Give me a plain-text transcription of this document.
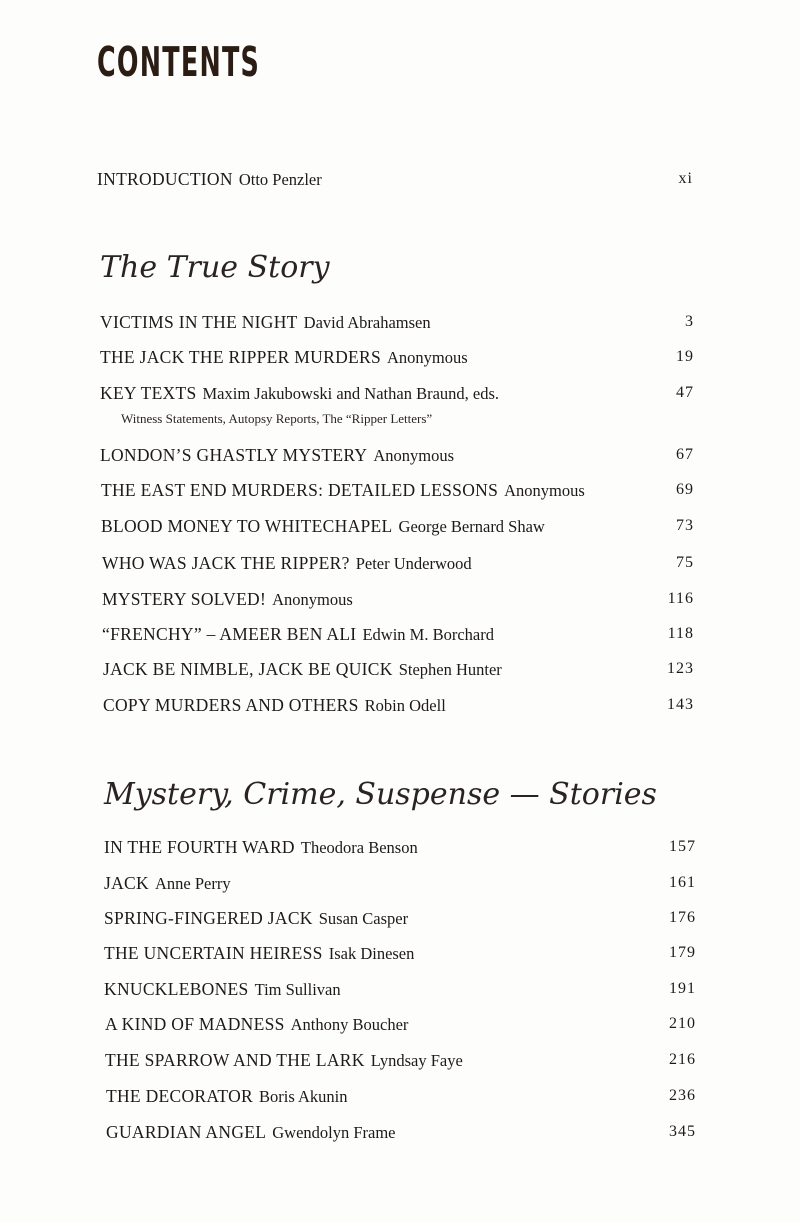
CONTENTS
INTRODUCTION Otto Penzler	xi
The True Story
VICTIMS IN THE NIGHT David Abrahamsen	3
THE JACK THE RIPPER MURDERS Anonymous	19
KEY TEXTS Maxim Jakubowski and Nathan Braund, eds.	47
Witness Statements, Autopsy Reports, The “Ripper Letters”
LONDON’S GHASTLY MYSTERY Anonymous	67
THE EAST END MURDERS: DETAILED LESSONS Anonymous	69
BLOOD MONEY TO WHITECHAPEL George Bernard Shaw	73
WHO WAS JACK THE RIPPER? Peter Underwood	75
MYSTERY SOLVED! Anonymous	116
“FRENCHY” – AMEER BEN ALI Edwin M. Borchard	118
JACK BE NIMBLE, JACK BE QUICK Stephen Hunter	123
COPY MURDERS AND OTHERS Robin Odell	143
Mystery, Crime, Suspense — Stories
IN THE FOURTH WARD Theodora Benson	157
JACK Anne Perry	161
SPRING-FINGERED JACK Susan Casper	176
THE UNCERTAIN HEIRESS Isak Dinesen	179
KNUCKLEBONES Tim Sullivan	191
A KIND OF MADNESS Anthony Boucher	210
THE SPARROW AND THE LARK Lyndsay Faye	216
THE DECORATOR Boris Akunin	236
GUARDIAN ANGEL Gwendolyn Frame	345
